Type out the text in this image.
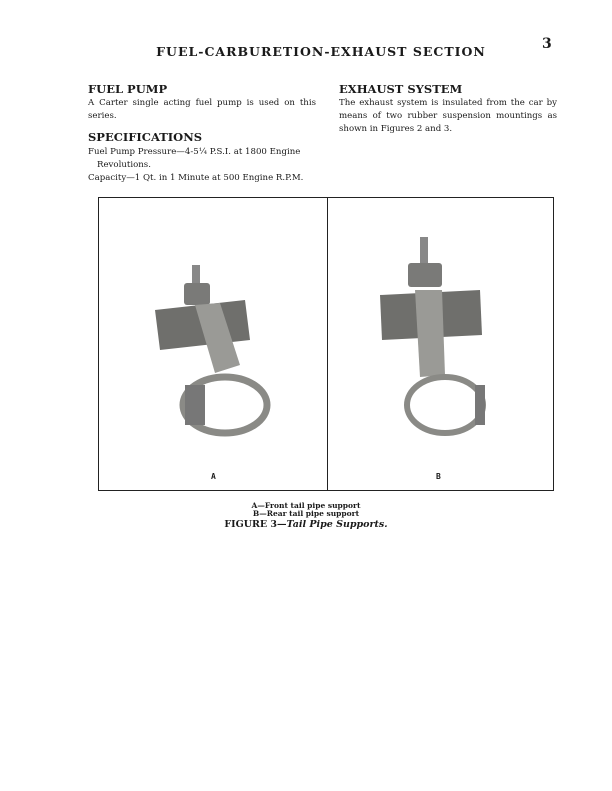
3
FUEL-CARBURETION-EXHAUST SECTION
FUEL PUMP
A Carter single acting fuel pump is used on this series.
SPECIFICATIONS
Fuel Pump Pressure—4-5¼ P.S.I. at 1800 Engine
Revolutions.
Capacity—1 Qt. in 1 Minute at 500 Engine R.P.M.
EXHAUST SYSTEM
The exhaust system is insulated from the car by means of two rubber suspension mountings as shown in Figures 2 and 3.
A	B
A—Front tail pipe support
B—Rear tail pipe support
FIGURE 3—Tail Pipe Supports.
